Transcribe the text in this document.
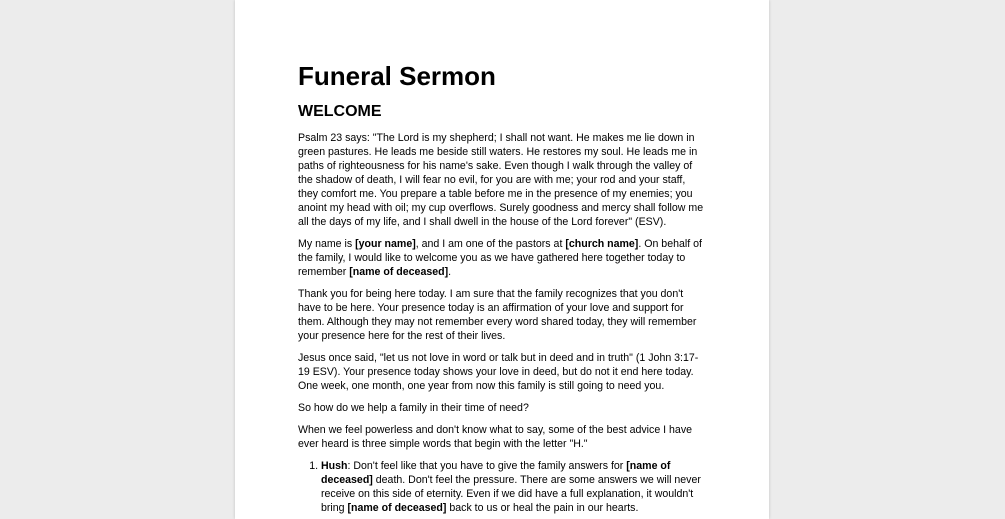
Funeral Sermon
WELCOME

Psalm 23 says: "The Lord is my shepherd; I shall not want. He makes me lie down in green pastures. He leads me beside still waters. He restores my soul. He leads me in paths of righteousness for his name's sake. Even though I walk through the valley of the shadow of death, I will fear no evil, for you are with me; your rod and your staff, they comfort me. You prepare a table before me in the presence of my enemies; you anoint my head with oil; my cup overflows. Surely goodness and mercy shall follow me all the days of my life, and I shall dwell in the house of the Lord forever" (ESV).

My name is [your name], and I am one of the pastors at [church name]. On behalf of the family, I would like to welcome you as we have gathered here together today to remember [name of deceased].

Thank you for being here today. I am sure that the family recognizes that you don't have to be here. Your presence today is an affirmation of your love and support for them. Although they may not remember every word shared today, they will remember your presence here for the rest of their lives.

Jesus once said, "let us not love in word or talk but in deed and in truth" (1 John 3:17-19 ESV). Your presence today shows your love in deed, but do not it end here today. One week, one month, one year from now this family is still going to need you.

So how do we help a family in their time of need?

When we feel powerless and don't know what to say, some of the best advice I have ever heard is three simple words that begin with the letter "H."

1. Hush: Don't feel like that you have to give the family answers for [name of deceased] death. Don't feel the pressure. There are some answers we will never receive on this side of eternity. Even if we did have a full explanation, it wouldn't bring [name of deceased] back to us or heal the pain in our hearts.
